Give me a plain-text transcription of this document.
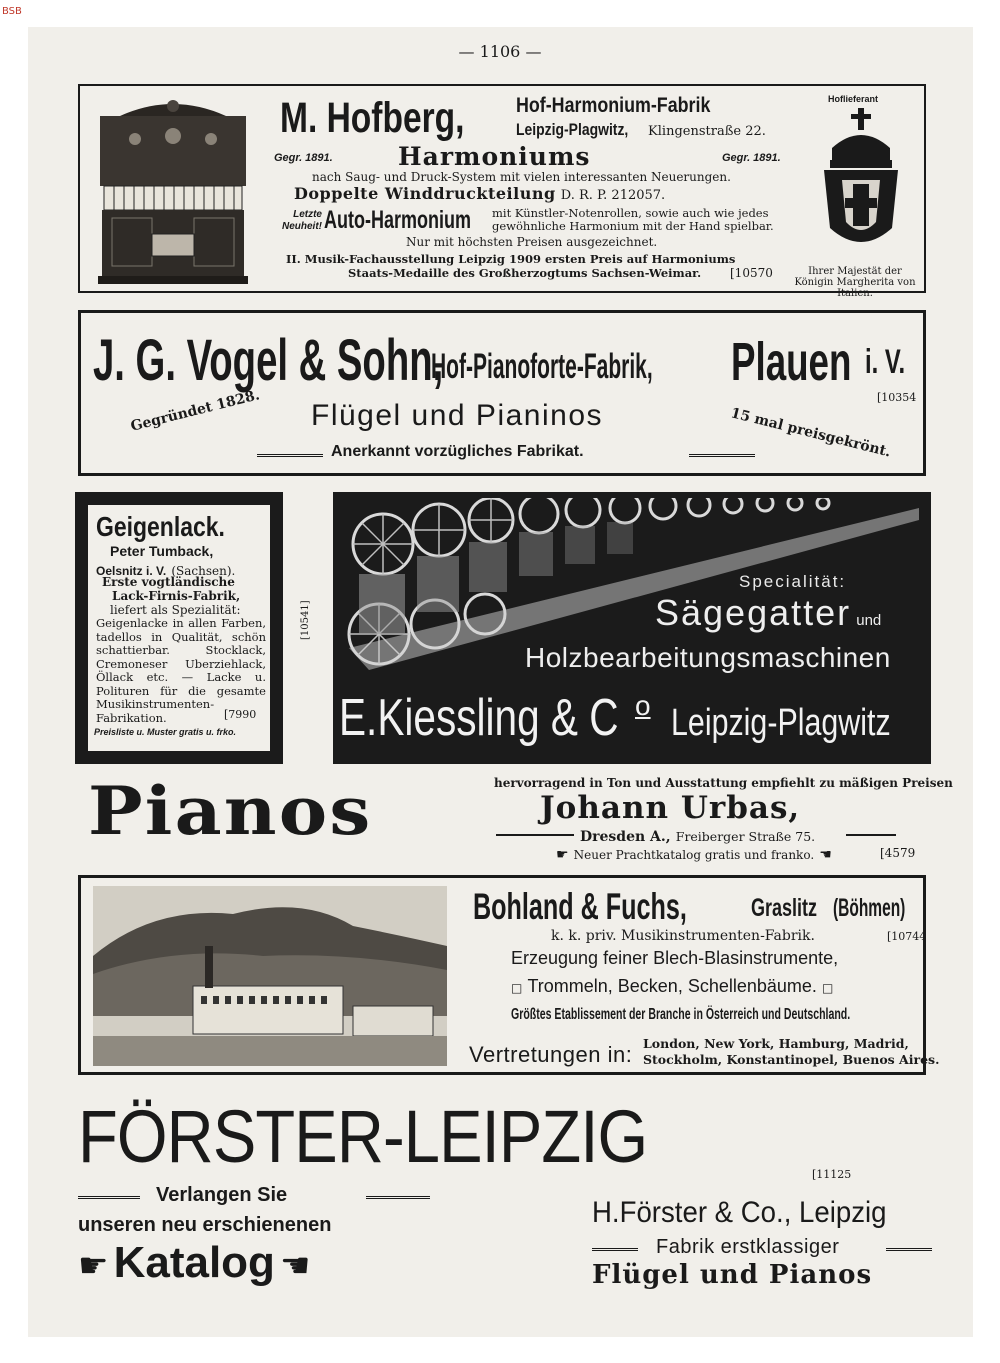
BSB
— 1106 —
M. Hofberg, Hof-Harmonium-Fabrik
Leipzig-Plagwitz, Klingenstraße 22.
Gegr. 1891.	Harmoniums	Gegr. 1891.
nach Saug- und Druck-System mit vielen interessanten Neuerungen.
Doppelte Winddruckteilung D. R. P. 212057.
Letzte Neuheit! Auto-Harmonium mit Künstler-Notenrollen, sowie auch wie jedes gewöhnliche Harmonium mit der Hand spielbar.
Nur mit höchsten Preisen ausgezeichnet.
II. Musik-Fachausstellung Leipzig 1909 ersten Preis auf Harmoniums
Staats-Medaille des Großherzogtums Sachsen-Weimar. [10570
Hoflieferant
Ihrer Majestät der Königin Margherita von Italien.
J. G. Vogel & Sohn,
Hof-Pianoforte-Fabrik, Plauen i. V.
[10354
Gegründet 1828. Flügel und Pianinos	15 mal preisgekrönt.
Anerkannt vorzügliches Fabrikat.
Geigenlack.
Peter Tumback,
Oelsnitz i. V. (Sachsen).
Erste vogtländische
Lack-Firnis-Fabrik,
liefert als Spezialität:
Geigenlacke in allen Farben, tadellos in Qualität, schön schattierbar. Stocklack, Cremoneser Uberziehlack, Öllack etc. — Lacke u. Polituren für die gesamte Musikinstrumenten-Fabrikation.	[7990
Preisliste u. Muster gratis u. frko.
[10541]
Specialität:
Sägegatter und
Holzbearbeitungsmaschinen
E.Kiessling & C o Leipzig-Plagwitz
Pianos	hervorragend in Ton und Ausstattung empfiehlt zu mäßigen Preisen
Johann Urbas,
Dresden A., Freiberger Straße 75.
☛ Neuer Prachtkatalog gratis und franko. ☚	[4579
Bohland & Fuchs,	Graslitz (Böhmen)
k. k. priv. Musikinstrumenten-Fabrik.	[10744
Erzeugung feiner Blech-Blasinstrumente,
□ Trommeln, Becken, Schellenbäume. □
Größtes Etablissement der Branche in Österreich und Deutschland.
Vertretungen in: London, New York, Hamburg, Madrid,
Stockholm, Konstantinopel, Buenos Aires.
FÖRSTER-LEIPZIG	[11125
Verlangen Sie
unseren neu erschienenen
☛ Katalog ☚
H.Förster & Co., Leipzig
Fabrik erstklassiger
Flügel und Pianos
